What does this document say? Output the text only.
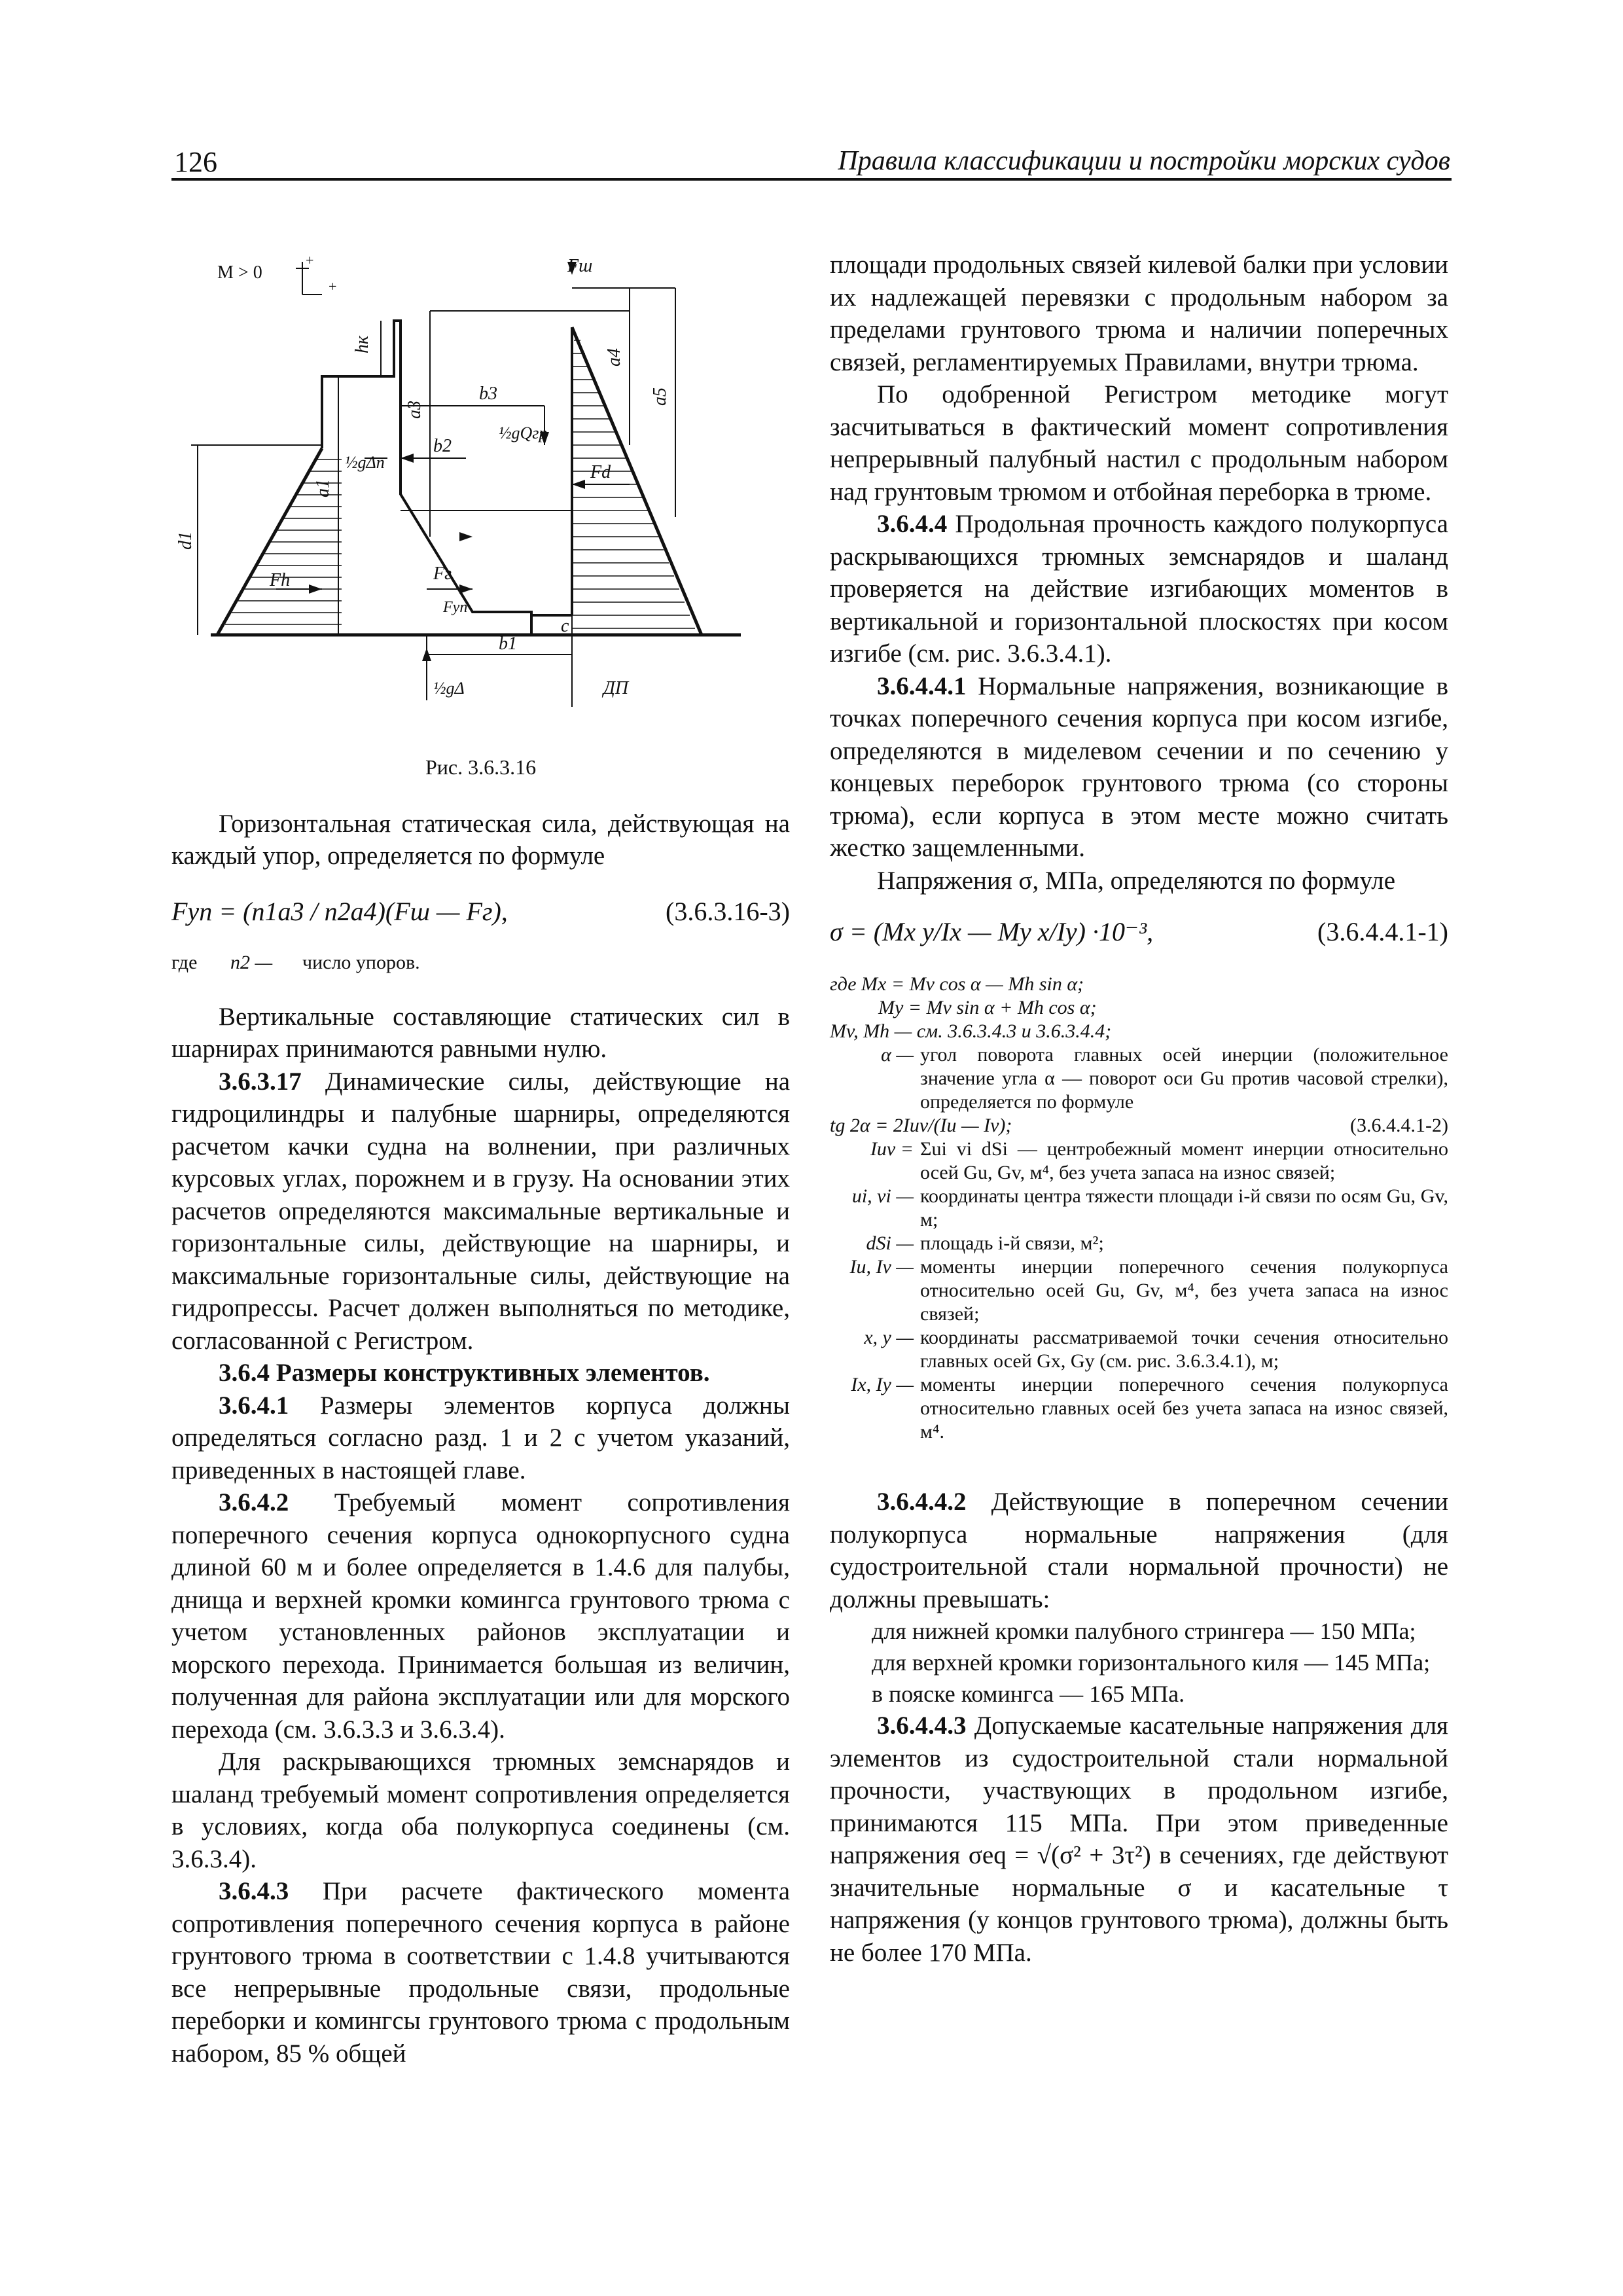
126	Правила классификации и постройки морских судов
M > 0
+
+
Fш
hк
a3
a4
a5
b3
b2
½gQгр
a1
½gΔn	Fd
d1
Fh	Fг
Fуп
c
b1
½gΔ	ДП
Рис. 3.6.3.16

Горизонтальная статическая сила, действующая на каждый упор, определяется по формуле

Fуп = (n1a3 / n2a4)(Fш — Fг),	(3.6.3.16-3)
где	n2 —	число упоров.

Вертикальные составляющие статических сил в шарнирах принимаются равными нулю.

3.6.3.17 Динамические силы, действующие на гидроцилиндры и палубные шарниры, определяются расчетом качки судна на волнении, при различных курсовых углах, порожнем и в грузу. На основании этих расчетов определяются максимальные вертикальные и горизонтальные силы, действующие на шарниры, и максимальные горизонтальные силы, действующие на гидропрессы. Расчет должен выполняться по методике, согласованной с Регистром.

3.6.4 Размеры конструктивных элементов.

3.6.4.1 Размеры элементов корпуса должны определяться согласно разд. 1 и 2 с учетом указаний, приведенных в настоящей главе.

3.6.4.2 Требуемый момент сопротивления поперечного сечения корпуса однокорпусного судна длиной 60 м и более определяется в 1.4.6 для палубы, днища и верхней кромки комингса грунтового трюма с учетом установленных районов эксплуатации и морского перехода. Принимается большая из величин, полученная для района эксплуатации или для морского перехода (см. 3.6.3.3 и 3.6.3.4).

Для раскрывающихся трюмных земснарядов и шаланд требуемый момент сопротивления определяется в условиях, когда оба полукорпуса соединены (см. 3.6.3.4).

3.6.4.3 При расчете фактического момента сопротивления поперечного сечения корпуса в районе грунтового трюма в соответствии с 1.4.8 учитываются все непрерывные продольные связи, продольные переборки и комингсы грунтового трюма с продольным набором, 85 % общей

площади продольных связей килевой балки при условии их надлежащей перевязки с продольным набором за пределами грунтового трюма и наличии поперечных связей, регламентируемых Правилами, внутри трюма.

По одобренной Регистром методике могут засчитываться в фактический момент сопротивления непрерывный палубный настил с продольным набором над грунтовым трюмом и отбойная переборка в трюме.

3.6.4.4 Продольная прочность каждого полукорпуса раскрывающихся трюмных земснарядов и шаланд проверяется на действие изгибающих моментов в вертикальной и горизонтальной плоскостях при косом изгибе (см. рис. 3.6.3.4.1).

3.6.4.4.1 Нормальные напряжения, возникающие в точках поперечного сечения корпуса при косом изгибе, определяются в миделевом сечении и по сечению у концевых переборок грунтового трюма (со стороны трюма), если корпуса в этом месте можно считать жестко защемленными.

Напряжения σ, МПа, определяются по формуле

σ = (Mx y/Ix — My x/Iy) ·10⁻³,	(3.6.4.4.1-1)
где Mx = Mv cos α — Mh sin α;
My = Mv sin α + Mh cos α;
Mv, Mh — см. 3.6.3.4.3 и 3.6.3.4.4;
α — угол поворота главных осей инерции (положительное значение угла α — поворот оси Gu против часовой стрелки), определяется по формуле
tg 2α = 2Iuv/(Iu — Iv);	(3.6.4.4.1-2)
Iuv = Σui vi dSi — центробежный момент инерции относительно осей Gu, Gv, м⁴, без учета запаса на износ связей;
ui, vi — координаты центра тяжести площади i-й связи по осям Gu, Gv, м;
dSi — площадь i-й связи, м²;
Iu, Iv — моменты инерции поперечного сечения полукорпуса относительно осей Gu, Gv, м⁴, без учета запаса на износ связей;
x, y — координаты рассматриваемой точки сечения относительно главных осей Gx, Gy (см. рис. 3.6.3.4.1), м;
Ix, Iy — моменты инерции поперечного сечения полукорпуса относительно главных осей без учета запаса на износ связей, м⁴.

3.6.4.4.2 Действующие в поперечном сечении полукорпуса нормальные напряжения (для судостроительной стали нормальной прочности) не должны превышать:

для нижней кромки палубного стрингера — 150 МПа;
для верхней кромки горизонтального киля — 145 МПа;
в пояске комингса — 165 МПа.

3.6.4.4.3 Допускаемые касательные напряжения для элементов из судостроительной стали нормальной прочности, участвующих в продольном изгибе, принимаются 115 МПа. При этом приведенные напряжения σeq = √(σ² + 3τ²) в сечениях, где действуют значительные нормальные σ и касательные τ напряжения (у концов грунтового трюма), должны быть не более 170 МПа.
